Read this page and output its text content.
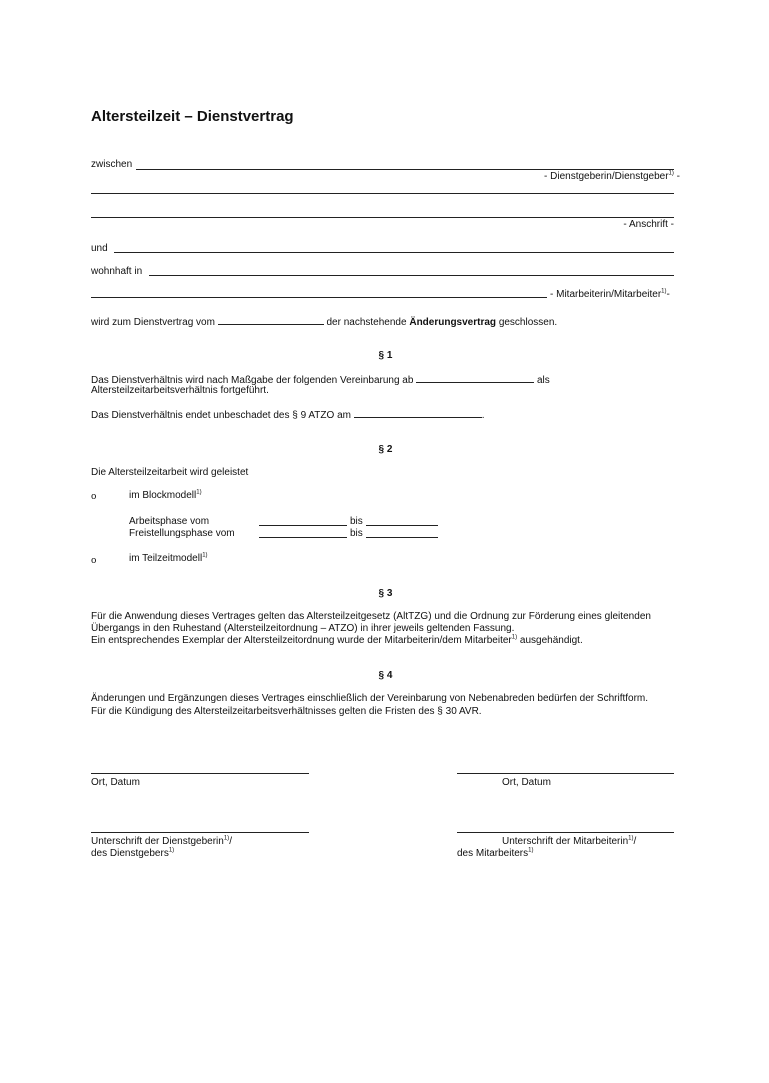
Altersteilzeit – Dienstvertrag
zwischen
- Dienstgeberin/Dienstgeber$^{1)}$ -
- Anschrift -
und
wohnhaft in
- Mitarbeiterin/Mitarbeiter$^{1)}$-
wird zum Dienstvertrag vom	der nachstehende Änderungsvertrag geschlossen.
§ 1
Das Dienstverhältnis wird nach Maßgabe der folgenden Vereinbarung ab	als
Altersteilzeitarbeitsverhältnis fortgeführt.
Das Dienstverhältnis endet unbeschadet des § 9 ATZO am	.
§ 2
Die Altersteilzeitarbeit wird geleistet
o	im Blockmodell$^{1)}$
Arbeitsphase vom	bis
Freistellungsphase vom	bis
o	im Teilzeitmodell$^{1)}$
§ 3
Für die Anwendung dieses Vertrages gelten das Altersteilzeitgesetz (AltTZG) und die Ordnung zur Förderung eines gleitenden
Übergangs in den Ruhestand (Altersteilzeitordnung – ATZO) in ihrer jeweils geltenden Fassung.
Ein entsprechendes Exemplar der Altersteilzeitordnung wurde der Mitarbeiterin/dem Mitarbeiter$^{1)}$ ausgehändigt.
§ 4
Änderungen und Ergänzungen dieses Vertrages einschließlich der Vereinbarung von Nebenabreden bedürfen der Schriftform.
Für die Kündigung des Altersteilzeitarbeitsverhältnisses gelten die Fristen des § 30 AVR.
Ort, Datum	Ort, Datum
Unterschrift der Dienstgeberin$^{1)}$/
des Dienstgebers$^{1)}$
Unterschrift der Mitarbeiterin$^{1)}$/
des Mitarbeiters$^{1)}$
